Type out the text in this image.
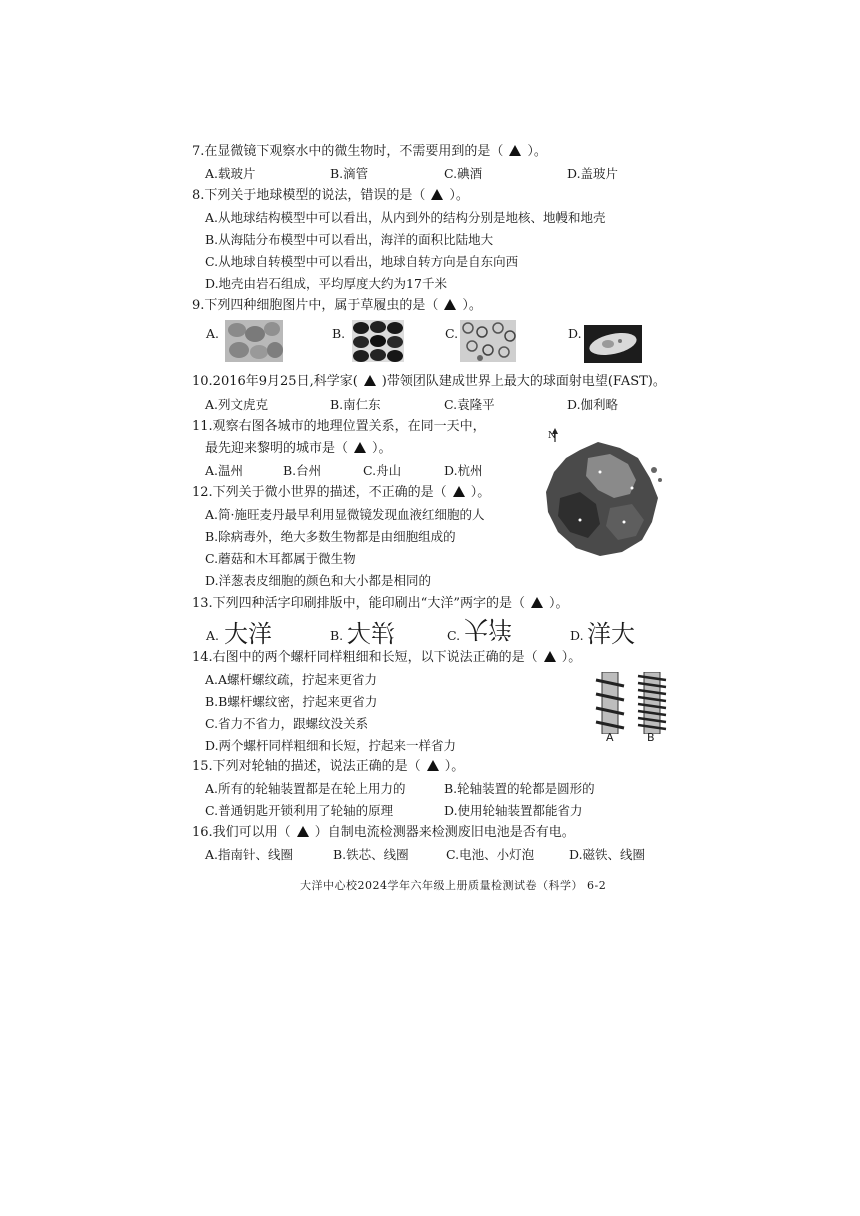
7.在显微镜下观察水中的微生物时，不需要用到的是（ ）。
A.载玻片	B.滴管	C.碘酒	D.盖玻片
8.下列关于地球模型的说法，错误的是（ ）。
A.从地球结构模型中可以看出，从内到外的结构分别是地核、地幔和地壳
B.从海陆分布模型中可以看出，海洋的面积比陆地大
C.从地球自转模型中可以看出，地球自转方向是自东向西
D.地壳由岩石组成，平均厚度大约为17千米
9.下列四种细胞图片中，属于草履虫的是（ ）。
A.	B.	C.	D.
10.2016年9月25日,科学家( )带领团队建成世界上最大的球面射电望(FAST)。
A.列文虎克	B.南仁东	C.袁隆平	D.伽利略
11.观察右图各城市的地理位置关系，在同一天中，
最先迎来黎明的城市是（ ）。
A.温州	B.台州	C.舟山	D.杭州
N
12.下列关于微小世界的描述，不正确的是（ ）。
A.简·施旺麦丹最早利用显微镜发现血液红细胞的人
B.除病毒外，绝大多数生物都是由细胞组成的
C.蘑菇和木耳都属于微生物
D.洋葱表皮细胞的颜色和大小都是相同的
13.下列四种活字印刷排版中，能印刷出“大洋”两字的是（ ）。
A. 大洋	B. 洋大	C. 大洋	D. 洋大
14.右图中的两个螺杆同样粗细和长短，以下说法正确的是（ ）。
A.A螺杆螺纹疏，拧起来更省力
B.B螺杆螺纹密，拧起来更省力
C.省力不省力，跟螺纹没关系
D.两个螺杆同样粗细和长短，拧起来一样省力
A	B
15.下列对轮轴的描述，说法正确的是（ ）。
A.所有的轮轴装置都是在轮上用力的	B.轮轴装置的轮都是圆形的
C.普通钥匙开锁利用了轮轴的原理	D.使用轮轴装置都能省力
16.我们可以用（ ）自制电流检测器来检测废旧电池是否有电。
A.指南针、线圈	B.铁芯、线圈	C.电池、小灯泡	D.磁铁、线圈
大洋中心校2024学年六年级上册质量检测试卷（科学） 6-2
